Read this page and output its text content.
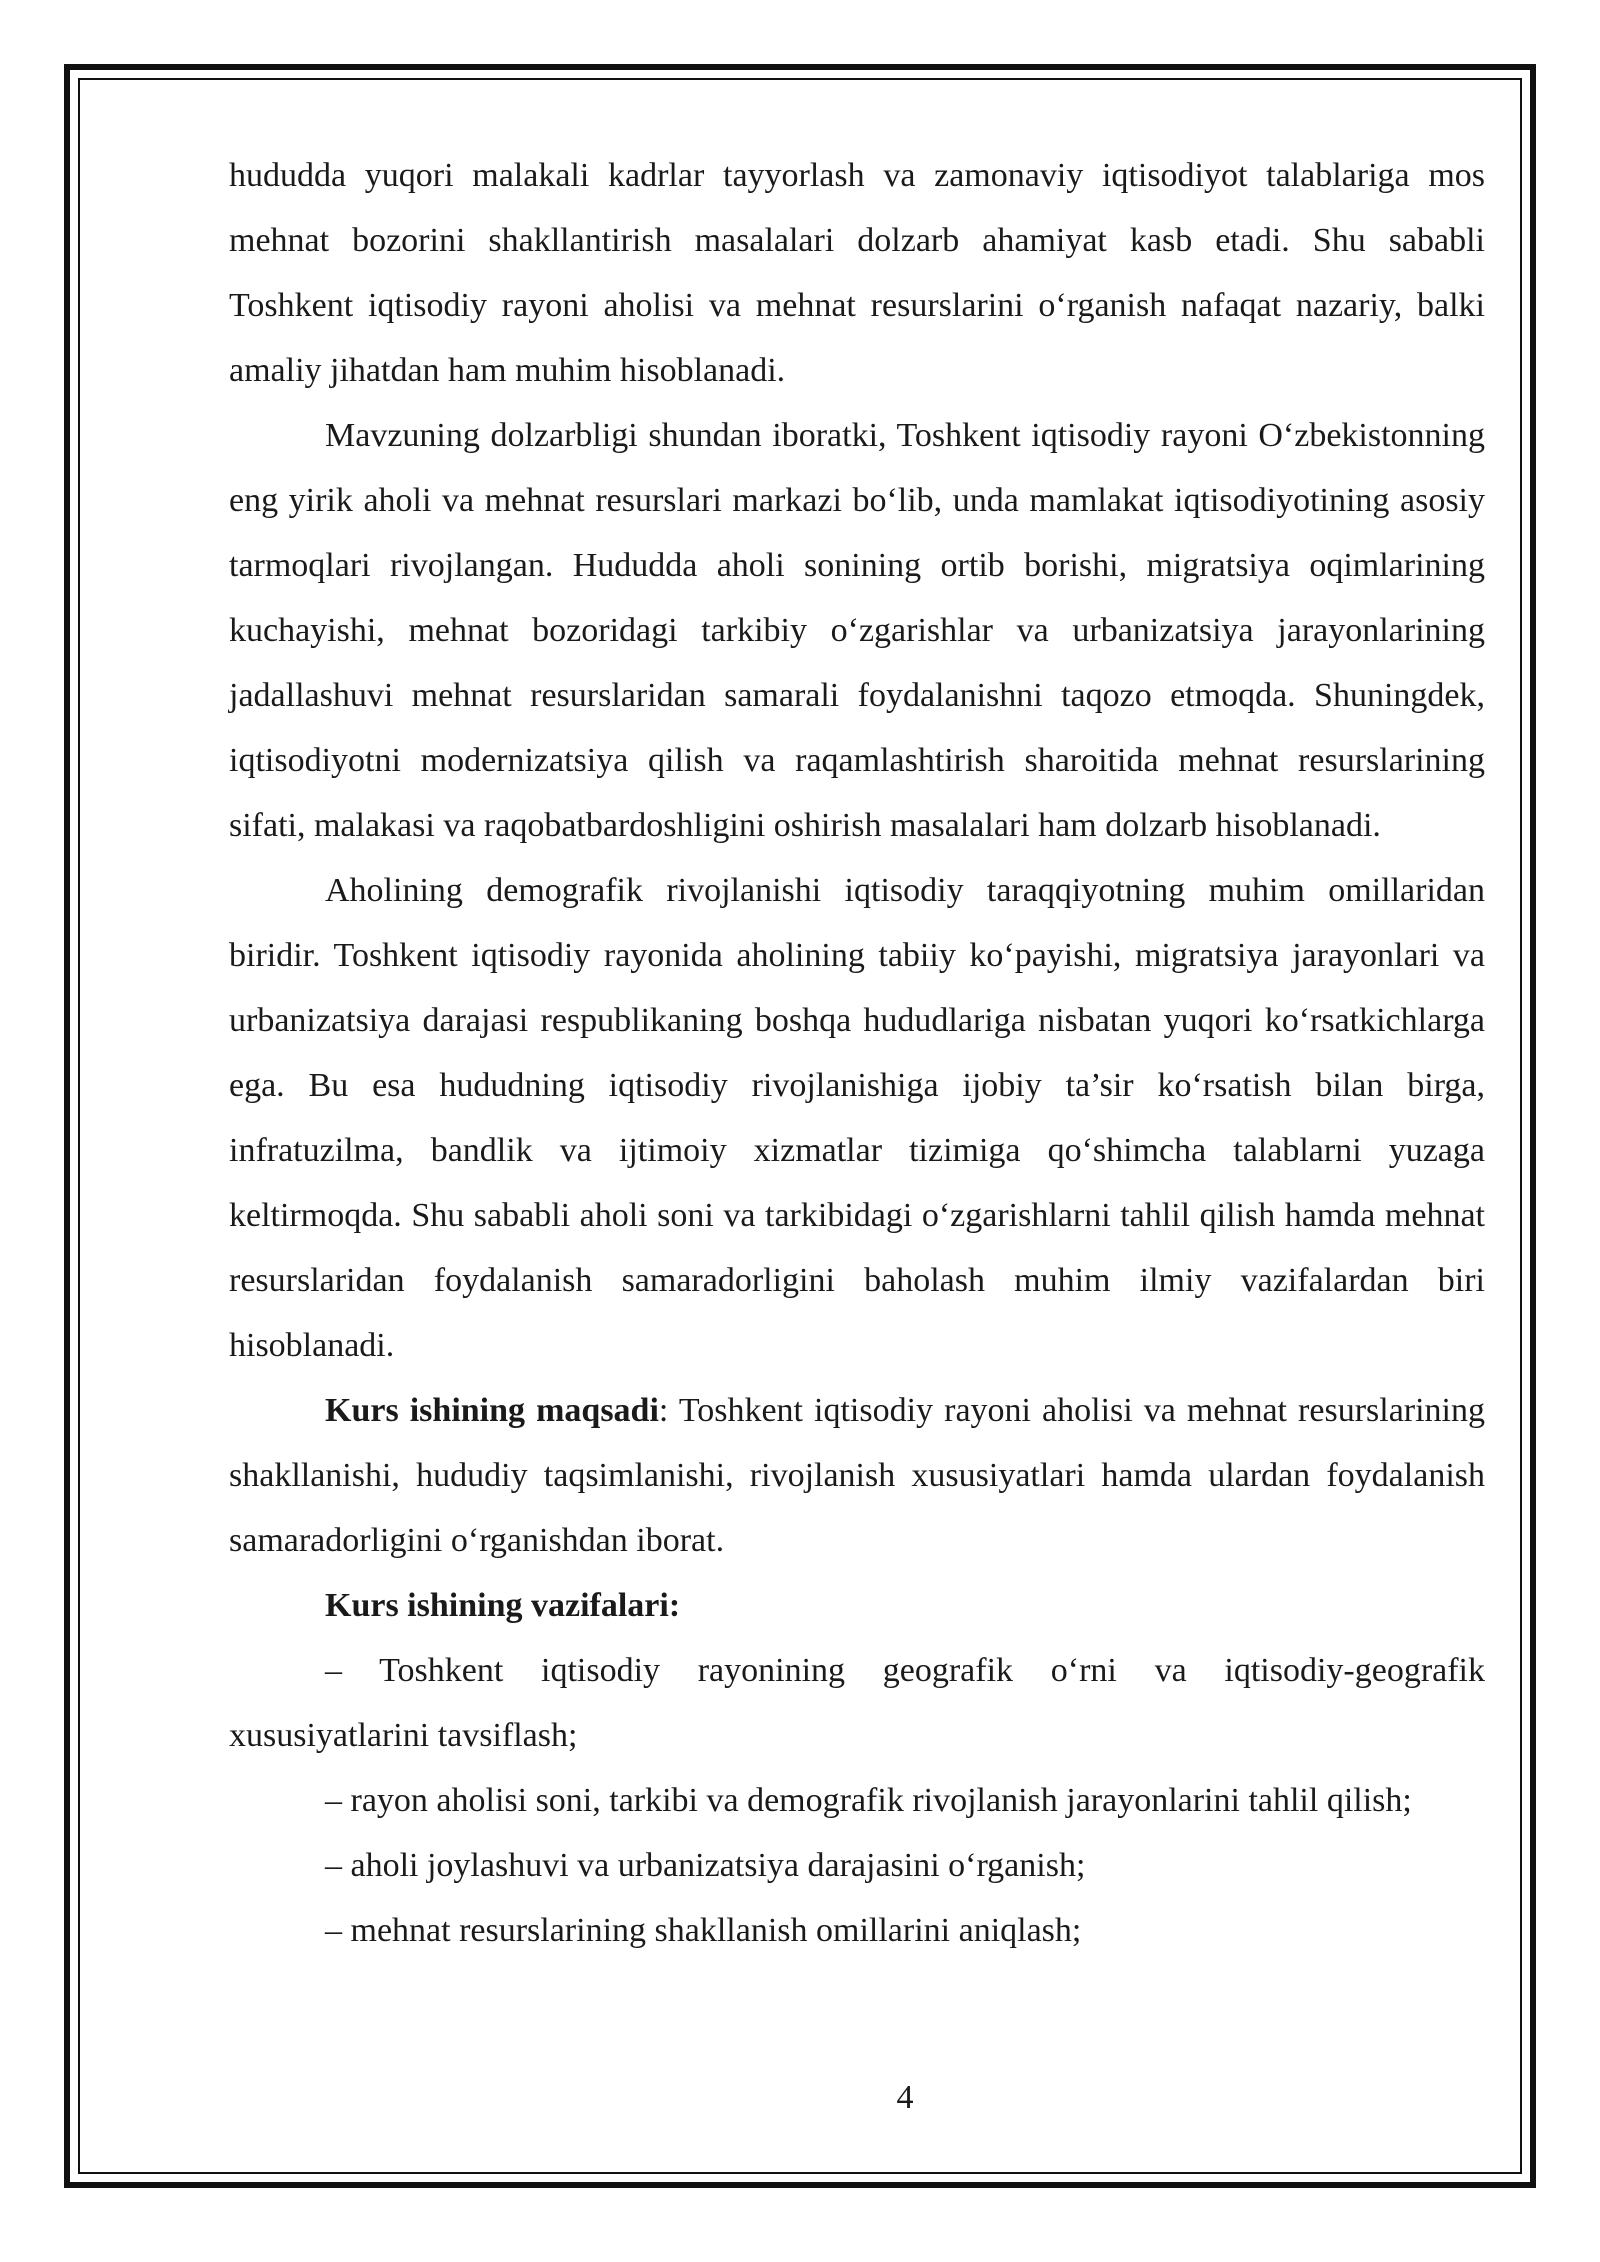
hududda yuqori malakali kadrlar tayyorlash va zamonaviy iqtisodiyot talablariga mos mehnat bozorini shakllantirish masalalari dolzarb ahamiyat kasb etadi. Shu sababli Toshkent iqtisodiy rayoni aholisi va mehnat resurslarini o‘rganish nafaqat nazariy, balki amaliy jihatdan ham muhim hisoblanadi.

Mavzuning dolzarbligi shundan iboratki, Toshkent iqtisodiy rayoni O‘zbekistonning eng yirik aholi va mehnat resurslari markazi bo‘lib, unda mamlakat iqtisodiyotining asosiy tarmoqlari rivojlangan. Hududda aholi sonining ortib borishi, migratsiya oqimlarining kuchayishi, mehnat bozoridagi tarkibiy o‘zgarishlar va urbanizatsiya jarayonlarining jadallashuvi mehnat resurslaridan samarali foydalanishni taqozo etmoqda. Shuningdek, iqtisodiyotni modernizatsiya qilish va raqamlashtirish sharoitida mehnat resurslarining sifati, malakasi va raqobatbardoshligini oshirish masalalari ham dolzarb hisoblanadi.

Aholining demografik rivojlanishi iqtisodiy taraqqiyotning muhim omillaridan biridir. Toshkent iqtisodiy rayonida aholining tabiiy ko‘payishi, migratsiya jarayonlari va urbanizatsiya darajasi respublikaning boshqa hududlariga nisbatan yuqori ko‘rsatkichlarga ega. Bu esa hududning iqtisodiy rivojlanishiga ijobiy ta’sir ko‘rsatish bilan birga, infratuzilma, bandlik va ijtimoiy xizmatlar tizimiga qo‘shimcha talablarni yuzaga keltirmoqda. Shu sababli aholi soni va tarkibidagi o‘zgarishlarni tahlil qilish hamda mehnat resurslaridan foydalanish samaradorligini baholash muhim ilmiy vazifalardan biri hisoblanadi.

Kurs ishining maqsadi: Toshkent iqtisodiy rayoni aholisi va mehnat resurslarining shakllanishi, hududiy taqsimlanishi, rivojlanish xususiyatlari hamda ulardan foydalanish samaradorligini o‘rganishdan iborat.

Kurs ishining vazifalari:

– Toshkent iqtisodiy rayonining geografik o‘rni va iqtisodiy-geografik xususiyatlarini tavsiflash;

– rayon aholisi soni, tarkibi va demografik rivojlanish jarayonlarini tahlil qilish;

– aholi joylashuvi va urbanizatsiya darajasini o‘rganish;

– mehnat resurslarining shakllanish omillarini aniqlash;

4
